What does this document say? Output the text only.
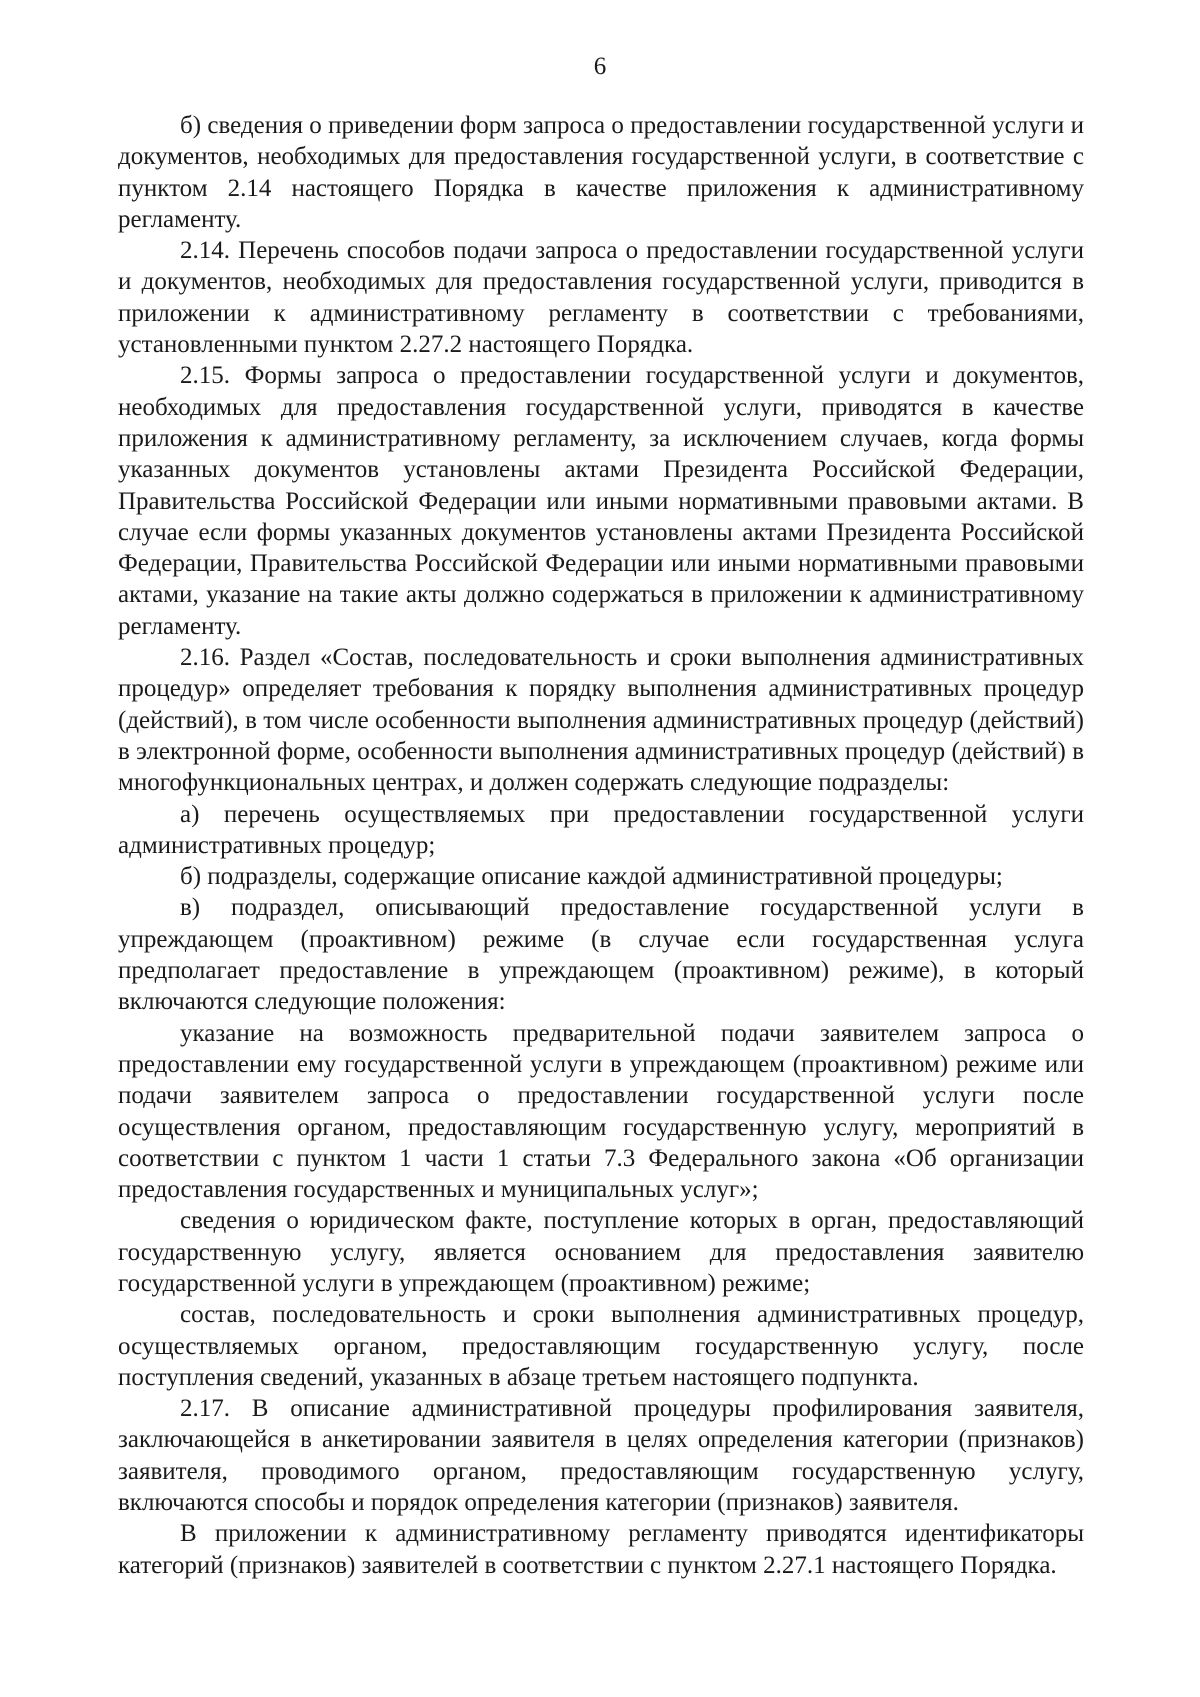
6

б) сведения о приведении форм запроса о предоставлении государственной услуги и документов, необходимых для предоставления государственной услуги, в соответствие с пунктом 2.14 настоящего Порядка в качестве приложения к административному регламенту.

2.14. Перечень способов подачи запроса о предоставлении государственной услуги и документов, необходимых для предоставления государственной услуги, приводится в приложении к административному регламенту в соответствии с требованиями, установленными пунктом 2.27.2 настоящего Порядка.

2.15. Формы запроса о предоставлении государственной услуги и документов, необходимых для предоставления государственной услуги, приводятся в качестве приложения к административному регламенту, за исключением случаев, когда формы указанных документов установлены актами Президента Российской Федерации, Правительства Российской Федерации или иными нормативными правовыми актами. В случае если формы указанных документов установлены актами Президента Российской Федерации, Правительства Российской Федерации или иными нормативными правовыми актами, указание на такие акты должно содержаться в приложении к административному регламенту.

2.16. Раздел «Состав, последовательность и сроки выполнения административных процедур» определяет требования к порядку выполнения административных процедур (действий), в том числе особенности выполнения административных процедур (действий) в электронной форме, особенности выполнения административных процедур (действий) в многофункциональных центрах, и должен содержать следующие подразделы:

а) перечень осуществляемых при предоставлении государственной услуги административных процедур;

б) подразделы, содержащие описание каждой административной процедуры;

в) подраздел, описывающий предоставление государственной услуги в упреждающем (проактивном) режиме (в случае если государственная услуга предполагает предоставление в упреждающем (проактивном) режиме), в который включаются следующие положения:

указание на возможность предварительной подачи заявителем запроса о предоставлении ему государственной услуги в упреждающем (проактивном) режиме или подачи заявителем запроса о предоставлении государственной услуги после осуществления органом, предоставляющим государственную услугу, мероприятий в соответствии с пунктом 1 части 1 статьи 7.3 Федерального закона «Об организации предоставления государственных и муниципальных услуг»;

сведения о юридическом факте, поступление которых в орган, предоставляющий государственную услугу, является основанием для предоставления заявителю государственной услуги в упреждающем (проактивном) режиме;

состав, последовательность и сроки выполнения административных процедур, осуществляемых органом, предоставляющим государственную услугу, после поступления сведений, указанных в абзаце третьем настоящего подпункта.

2.17. В описание административной процедуры профилирования заявителя, заключающейся в анкетировании заявителя в целях определения категории (признаков) заявителя, проводимого органом, предоставляющим государственную услугу, включаются способы и порядок определения категории (признаков) заявителя.

В приложении к административному регламенту приводятся идентификаторы категорий (признаков) заявителей в соответствии с пунктом 2.27.1 настоящего Порядка.
